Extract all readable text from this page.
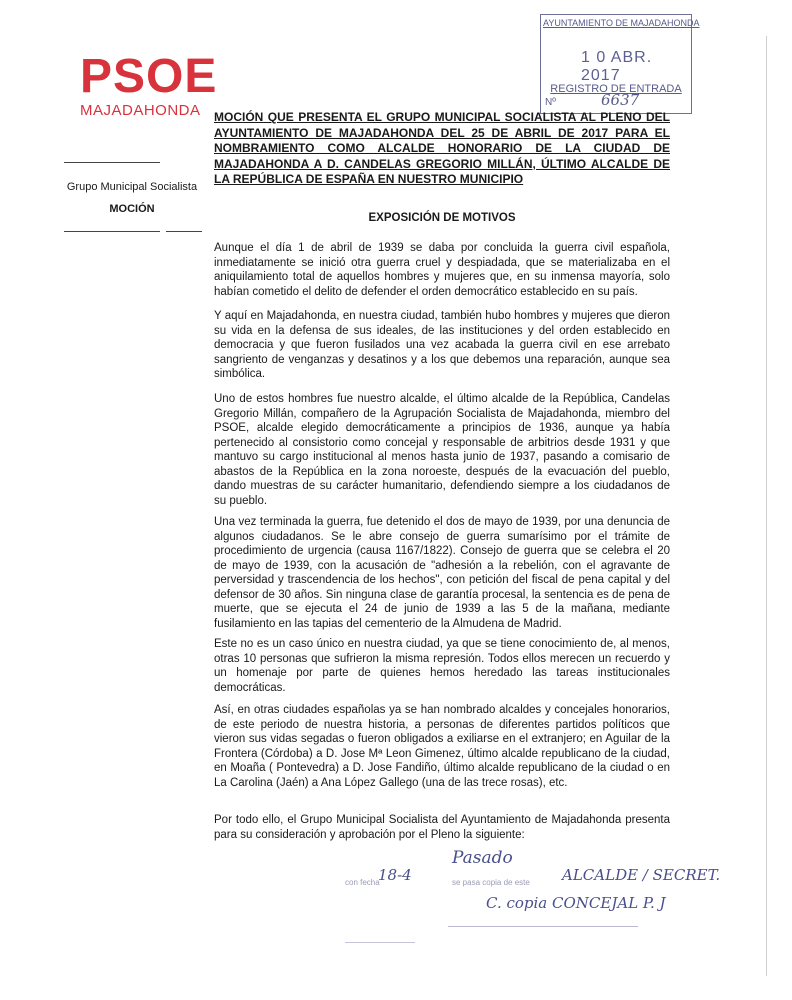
PSOE
MAJADAHONDA
Grupo Municipal Socialista
MOCIÓN
AYUNTAMIENTO DE MAJADAHONDA
1 0 ABR. 2017
REGISTRO DE ENTRADA
Nº	6637
MOCIÓN QUE PRESENTA EL GRUPO MUNICIPAL SOCIALISTA AL PLENO DEL AYUNTAMIENTO DE MAJADAHONDA DEL 25 DE ABRIL DE 2017 PARA EL NOMBRAMIENTO COMO ALCALDE HONORARIO DE LA CIUDAD DE MAJADAHONDA A D. CANDELAS GREGORIO MILLÁN, ÚLTIMO ALCALDE DE LA REPÚBLICA DE ESPAÑA EN NUESTRO MUNICIPIO
EXPOSICIÓN DE MOTIVOS
Aunque el día 1 de abril de 1939 se daba por concluida la guerra civil española, inmediatamente se inició otra guerra cruel y despiadada, que se materializaba en el aniquilamiento total de aquellos hombres y mujeres que, en su inmensa mayoría, solo habían cometido el delito de defender el orden democrático establecido en su país.
Y aquí en Majadahonda, en nuestra ciudad, también hubo hombres y mujeres que dieron su vida en la defensa de sus ideales, de las instituciones y del orden establecido en democracia y que fueron fusilados una vez acabada la guerra civil en ese arrebato sangriento de venganzas y desatinos y a los que debemos una reparación, aunque sea simbólica.
Uno de estos hombres fue nuestro alcalde, el último alcalde de la República, Candelas Gregorio Millán, compañero de la Agrupación Socialista de Majadahonda, miembro del PSOE, alcalde elegido democráticamente a principios de 1936, aunque ya había pertenecido al consistorio como concejal y responsable de arbitrios desde 1931 y que mantuvo su cargo institucional al menos hasta junio de 1937, pasando a comisario de abastos de la República en la zona noroeste, después de la evacuación del pueblo, dando muestras de su carácter humanitario, defendiendo siempre a los ciudadanos de su pueblo.
Una vez terminada la guerra, fue detenido el dos de mayo de 1939, por una denuncia de algunos ciudadanos. Se le abre consejo de guerra sumarísimo por el trámite de procedimiento de urgencia (causa 1167/1822). Consejo de guerra que se celebra el 20 de mayo de 1939, con la acusación de "adhesión a la rebelión, con el agravante de perversidad y trascendencia de los hechos", con petición del fiscal de pena capital y del defensor de 30 años. Sin ninguna clase de garantía procesal, la sentencia es de pena de muerte, que se ejecuta el 24 de junio de 1939 a las 5 de la mañana, mediante fusilamiento en las tapias del cementerio de la Almudena de Madrid.
Este no es un caso único en nuestra ciudad, ya que se tiene conocimiento de, al menos, otras 10 personas que sufrieron la misma represión. Todos ellos merecen un recuerdo y un homenaje por parte de quienes hemos heredado las tareas institucionales democráticas.
Así, en otras ciudades españolas ya se han nombrado alcaldes y concejales honorarios, de este periodo de nuestra historia, a personas de diferentes partidos políticos que vieron sus vidas segadas o fueron obligados a exiliarse en el extranjero; en Aguilar de la Frontera (Córdoba) a D. Jose Mª Leon Gimenez, último alcalde republicano de la ciudad, en Moaña ( Pontevedra) a D. Jose Fandiño, último alcalde republicano de la ciudad o en La Carolina (Jaén) a Ana López Gallego (una de las trece rosas), etc.
Por todo ello, el Grupo Municipal Socialista del Ayuntamiento de Majadahonda presenta para su consideración y aprobación por el Pleno la siguiente:
con fecha
18-4
Pasado
se pasa copia de este ALCALDE / SECRET.
C. copia CONCEJAL P. J
